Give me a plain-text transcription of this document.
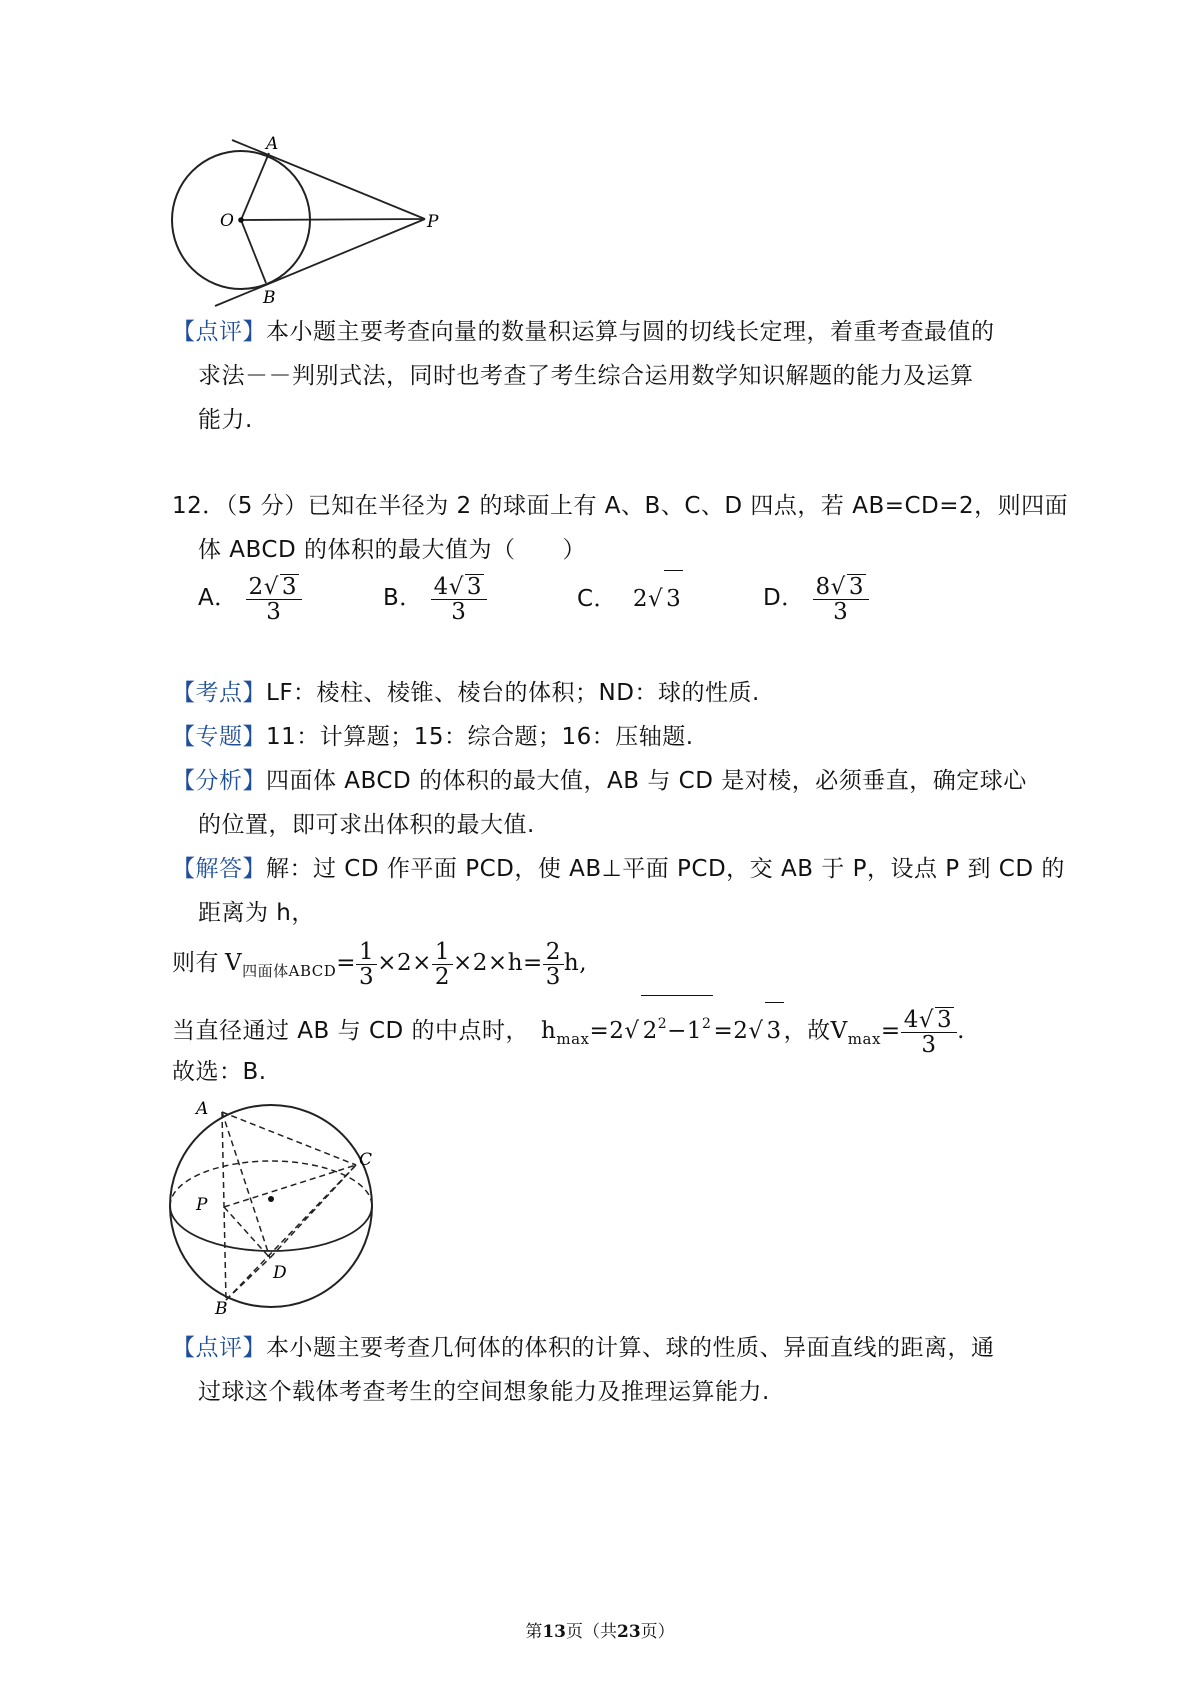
A
O	P
B
【点评】本小题主要考查向量的数量积运算与圆的切线长定理，着重考查最值的
求法－－判别式法，同时也考查了考生综合运用数学知识解题的能力及运算
能力.
12．（5 分）已知在半径为 2 的球面上有 A、B、C、D 四点，若 AB=CD=2，则四面
体 ABCD 的体积的最大值为（　　）
A． $\frac{2√ 3}{3}$	B． $\frac{4√ 3}{3}$	C． 2√ 3	D． $\frac{8√ 3}{3}$
【考点】LF：棱柱、棱锥、棱台的体积；ND：球的性质.
【专题】11：计算题；15：综合题；16：压轴题.
【分析】四面体 ABCD 的体积的最大值，AB 与 CD 是对棱，必须垂直，确定球心
的位置，即可求出体积的最大值.
【解答】解：过 CD 作平面 PCD，使 AB⊥平面 PCD，交 AB 于 P，设点 P 到 CD 的
距离为 h，
则有 $V_{四面体ABCD}= \frac{1}{3} \times 2\times \frac{1}{2} \times 2\times h= \frac{2}{3} h$,
当直径通过 AB 与 CD 的中点时， $h_{max}=2√$ $2^2-1^2=2√$ 3，故$V_{max}= \frac{4√ 3}{3}$ .
故选：B.
A
C
P
D
B
【点评】本小题主要考查几何体的体积的计算、球的性质、异面直线的距离，通
过球这个载体考查考生的空间想象能力及推理运算能力.
第13页（共23页）
